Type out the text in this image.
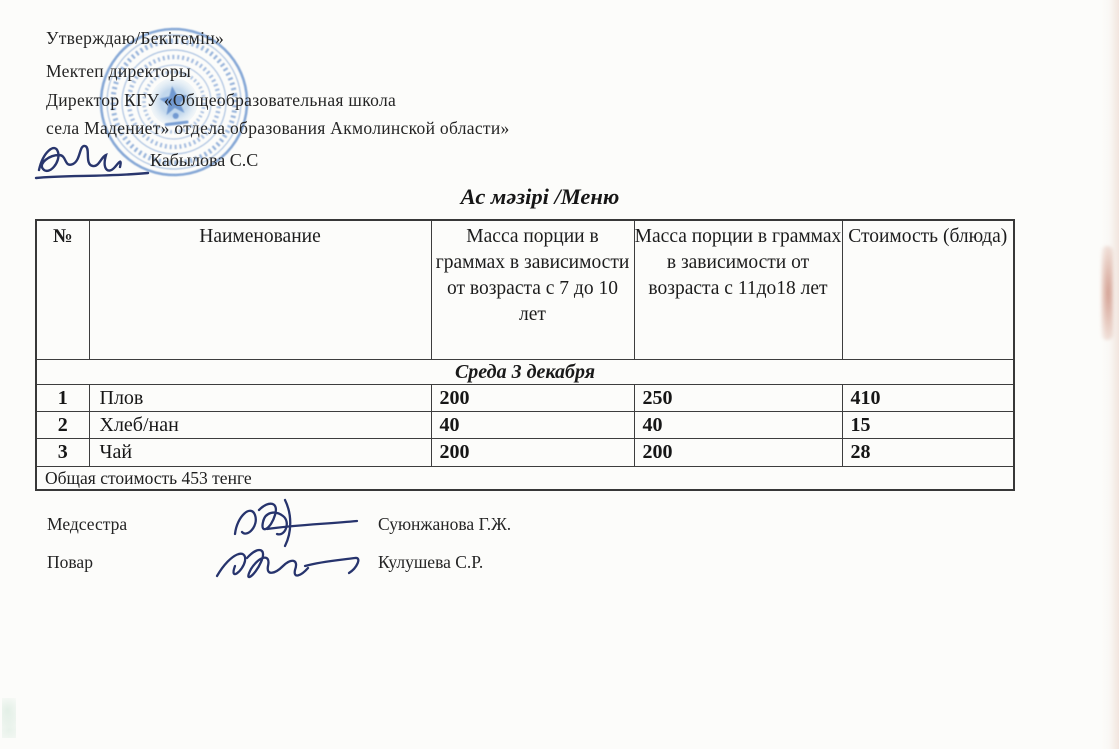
Утверждаю/Бекітемін»
Мектеп директоры
Директор КГУ «Общеобразовательная школа
села Мадениет» отдела образования Акмолинской области»
Кабылова С.С
Ас мәзірі /Меню
№	Наименование	Масса порции в граммах в зависимости от возраста с 7 до 10 лет	Масса порции в граммах в зависимости от возраста с 11до18 лет	Стоимость (блюда)
Среда 3 декабря				
1	Плов	200	250	410
2	Хлеб/нан	40	40	15
3	Чай	200	200	28
Общая стоимость 453 тенге				
Медсестра
Повар
Суюнжанова Г.Ж.
Кулушева С.Р.
